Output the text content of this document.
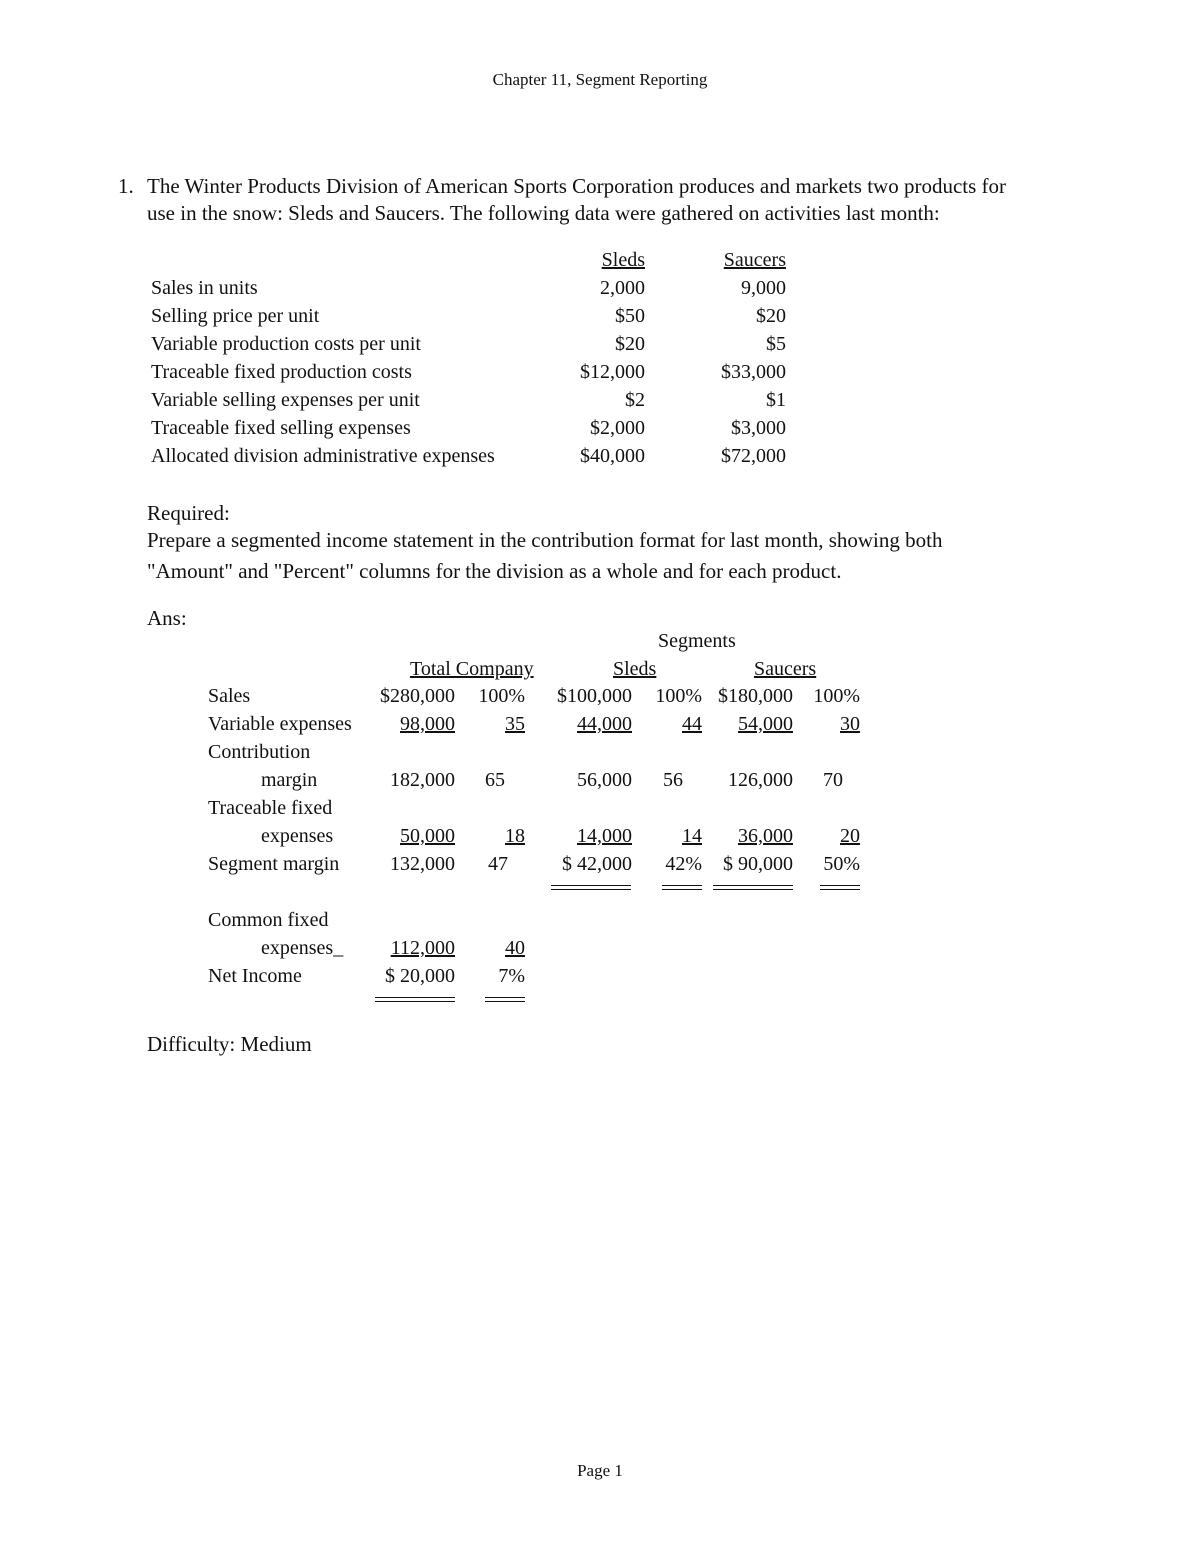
Chapter 11, Segment Reporting
1. The Winter Products Division of American Sports Corporation produces and markets two products for
use in the snow: Sleds and Saucers. The following data were gathered on activities last month:
Sleds	Saucers
Sales in units	2,000	9,000
Selling price per unit	$50	$20
Variable production costs per unit	$20	$5
Traceable fixed production costs	$12,000	$33,000
Variable selling expenses per unit	$2	$1
Traceable fixed selling expenses	$2,000	$3,000
Allocated division administrative expenses	$40,000	$72,000
Required:
Prepare a segmented income statement in the contribution format for last month, showing both
"Amount" and "Percent" columns for the division as a whole and for each product.
Ans:
Segments
Total Company	Sleds	Saucers
Sales	$280,000	100%	$100,000	100% $180,000	100%
Variable expenses	98,000	35	44,000	44	54,000	30
Contribution
margin	182,000	65	56,000	56	126,000	70
Traceable fixed
expenses	50,000	18	14,000	14	36,000	20
Segment margin	132,000	47	$ 42,000	42%	$ 90,000	50%
Common fixed
expenses_	112,000	40
Net Income	$ 20,000	7%
Difficulty: Medium
Page 1
